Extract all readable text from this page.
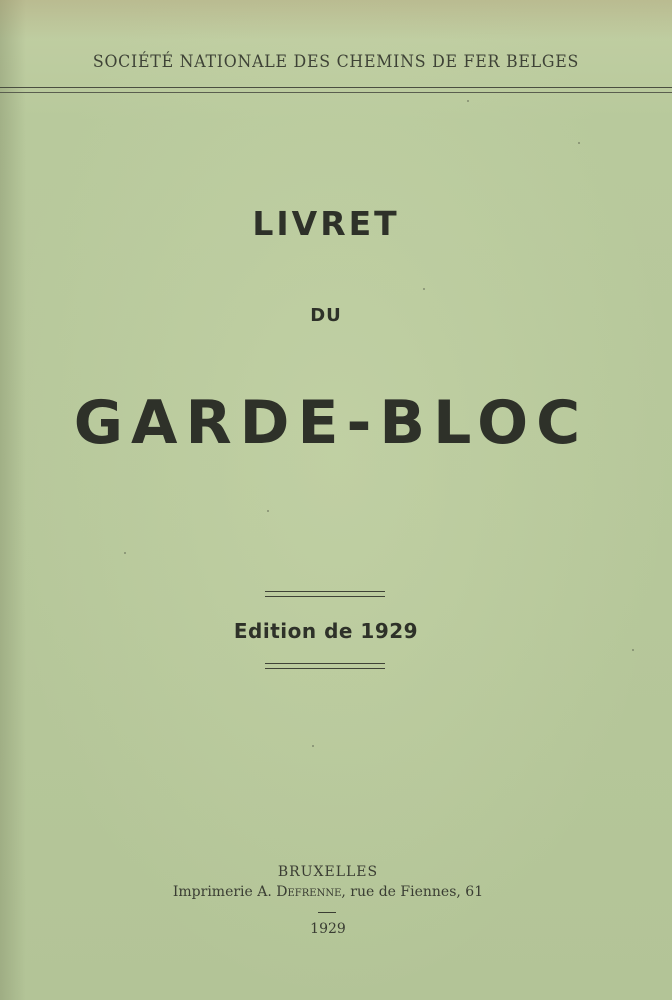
SOCIÉTÉ NATIONALE DES CHEMINS DE FER BELGES
LIVRET
DU
GARDE-BLOC
Edition de 1929
BRUXELLES
Imprimerie A. Defrenne, rue de Fiennes, 61
1929
